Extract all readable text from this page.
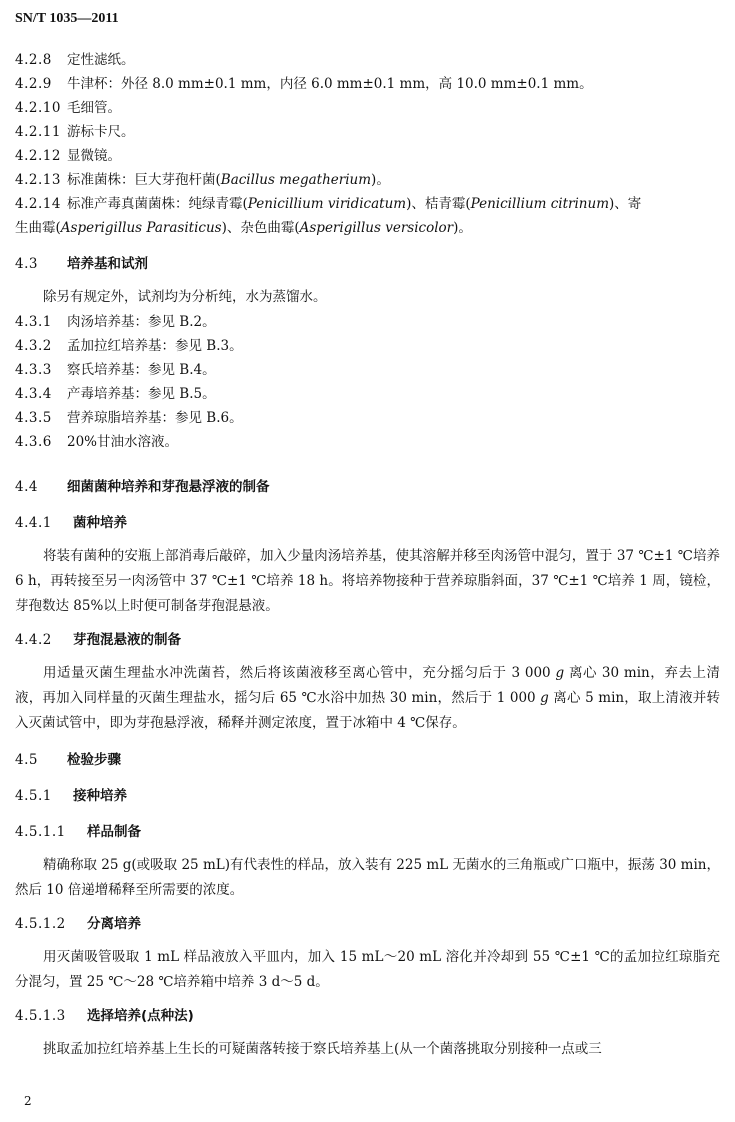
SN/T 1035—2011
4.2.8 定性滤纸。
4.2.9 牛津杯：外径 8.0 mm±0.1 mm，内径 6.0 mm±0.1 mm，高 10.0 mm±0.1 mm。
4.2.10 毛细管。
4.2.11 游标卡尺。
4.2.12 显微镜。
4.2.13 标准菌株：巨大芽孢杆菌(Bacillus megatherium)。
4.2.14 标准产毒真菌菌株：纯绿青霉(Penicillium viridicatum)、桔青霉(Penicillium citrinum)、寄
生曲霉(Asperigillus Parasiticus)、杂色曲霉(Asperigillus versicolor)。
4.3 培养基和试剂
除另有规定外，试剂均为分析纯，水为蒸馏水。
4.3.1 肉汤培养基：参见 B.2。
4.3.2 孟加拉红培养基：参见 B.3。
4.3.3 察氏培养基：参见 B.4。
4.3.4 产毒培养基：参见 B.5。
4.3.5 营养琼脂培养基：参见 B.6。
4.3.6 20%甘油水溶液。
4.4 细菌菌种培养和芽孢悬浮液的制备
4.4.1 菌种培养
将装有菌种的安瓶上部消毒后敲碎，加入少量肉汤培养基，使其溶解并移至肉汤管中混匀，置于 37 ℃±1 ℃培养 6 h，再转接至另一肉汤管中 37 ℃±1 ℃培养 18 h。将培养物接种于营养琼脂斜面，37 ℃±1 ℃培养 1 周，镜检，芽孢数达 85%以上时便可制备芽孢混悬液。
4.4.2 芽孢混悬液的制备
用适量灭菌生理盐水冲洗菌苔，然后将该菌液移至离心管中，充分摇匀后于 3 000 g 离心 30 min，弃去上清液，再加入同样量的灭菌生理盐水，摇匀后 65 ℃水浴中加热 30 min，然后于 1 000 g 离心 5 min，取上清液并转入灭菌试管中，即为芽孢悬浮液，稀释并测定浓度，置于冰箱中 4 ℃保存。
4.5 检验步骤
4.5.1 接种培养
4.5.1.1 样品制备
精确称取 25 g(或吸取 25 mL)有代表性的样品，放入装有 225 mL 无菌水的三角瓶或广口瓶中，振荡 30 min，然后 10 倍递增稀释至所需要的浓度。
4.5.1.2 分离培养
用灭菌吸管吸取 1 mL 样品液放入平皿内，加入 15 mL～20 mL 溶化并冷却到 55 ℃±1 ℃的孟加拉红琼脂充分混匀，置 25 ℃～28 ℃培养箱中培养 3 d～5 d。
4.5.1.3 选择培养(点种法)
挑取孟加拉红培养基上生长的可疑菌落转接于察氏培养基上(从一个菌落挑取分别接种一点或三
2
